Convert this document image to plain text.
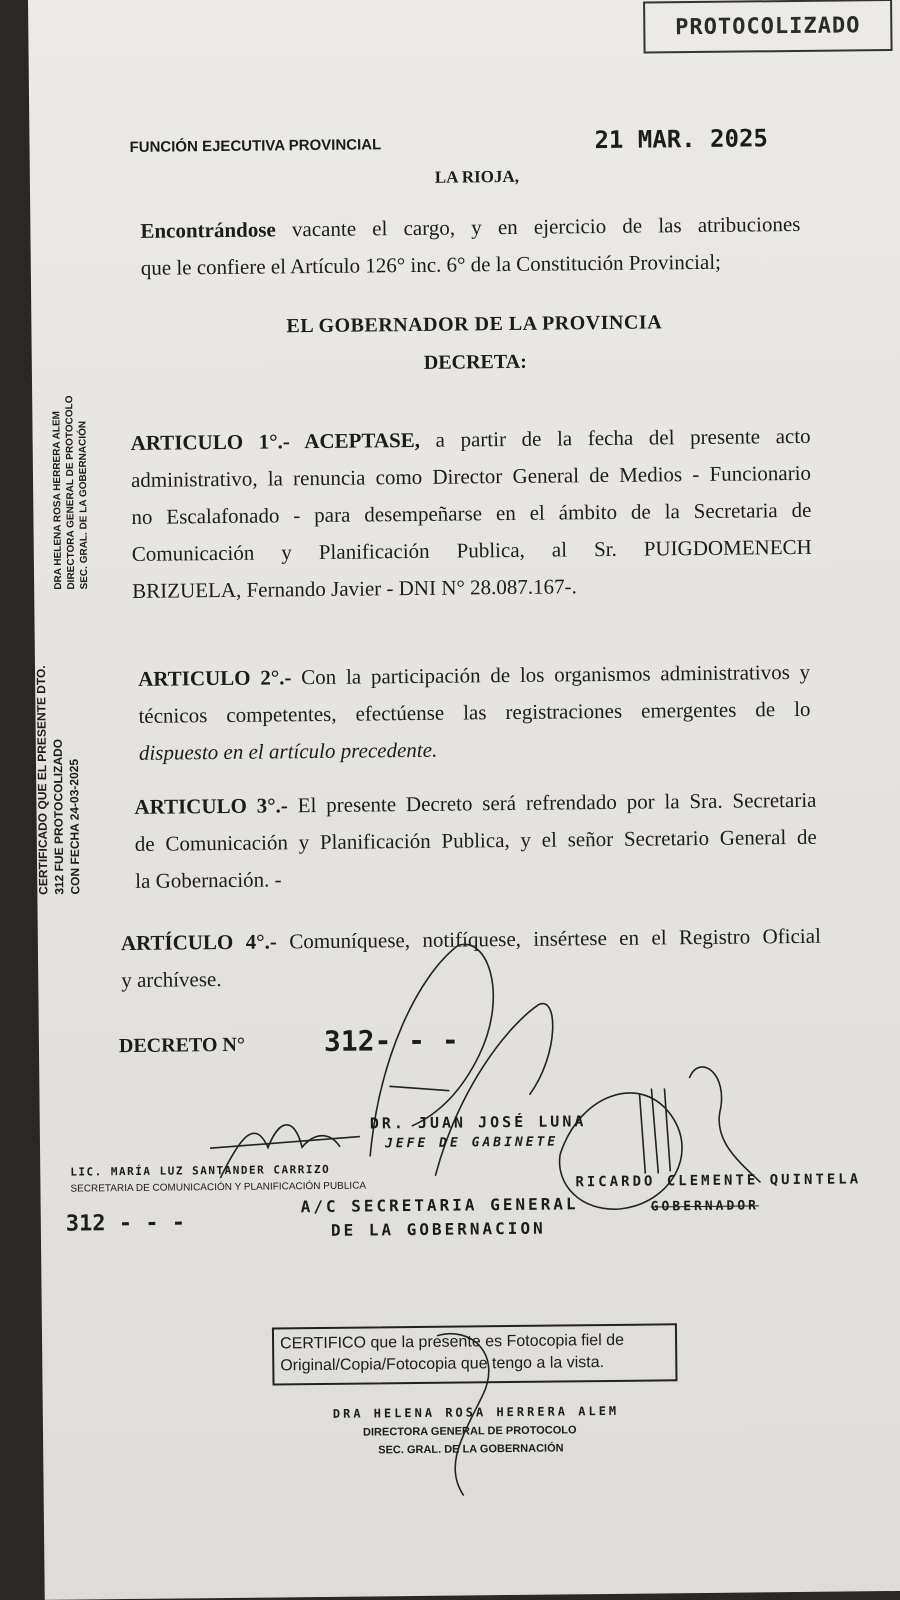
PROTOCOLIZADO
FUNCIÓN EJECUTIVA PROVINCIAL	21 MAR. 2025
LA RIOJA,
Encontrándose vacante el cargo, y en ejercicio de las atribuciones
que le confiere el Artículo 126° inc. 6° de la Constitución Provincial;
EL GOBERNADOR DE LA PROVINCIA
DECRETA:
ARTICULO 1°.- ACEPTASE, a partir de la fecha del presente acto
administrativo, la renuncia como Director General de Medios - Funcionario
no Escalafonado - para desempeñarse en el ámbito de la Secretaria de
Comunicación y Planificación Publica, al Sr. PUIGDOMENECH
BRIZUELA, Fernando Javier - DNI N° 28.087.167-.
ARTICULO 2°.- Con la participación de los organismos administrativos y
técnicos competentes, efectúense las registraciones emergentes de lo
dispuesto en el artículo precedente.
ARTICULO 3°.- El presente Decreto será refrendado por la Sra. Secretaria
de Comunicación y Planificación Publica, y el señor Secretario General de
la Gobernación. -
ARTÍCULO 4°.- Comuníquese, notifíquese, insértese en el Registro Oficial
y archívese.
DECRETO N°	312- - -
DR. JUAN JOSÉ LUNA
JEFE DE GABINETE
LIC. MARÍA LUZ SANTANDER CARRIZO
SECRETARIA DE COMUNICACIÓN Y PLANIFICACIÓN PUBLICA
312 - - -
A/C SECRETARIA GENERAL
DE LA GOBERNACION
RICARDO CLEMENTE QUINTELA
GOBERNADOR
CERTIFICO que la presente es Fotocopia fiel de
Original/Copia/Fotocopia que tengo a la vista.
DRA HELENA ROSA HERRERA ALEM
DIRECTORA GENERAL DE PROTOCOLO
SEC. GRAL. DE LA GOBERNACIÓN
DRA HELENA ROSA HERRERA ALEM DIRECTORA GENERAL DE PROTOCOLO SEC. GRAL. DE LA GOBERNACIÓN
CERTIFICADO QUE EL PRESENTE DTO. 312 FUE PROTOCOLIZADO CON FECHA 24-03-2025
